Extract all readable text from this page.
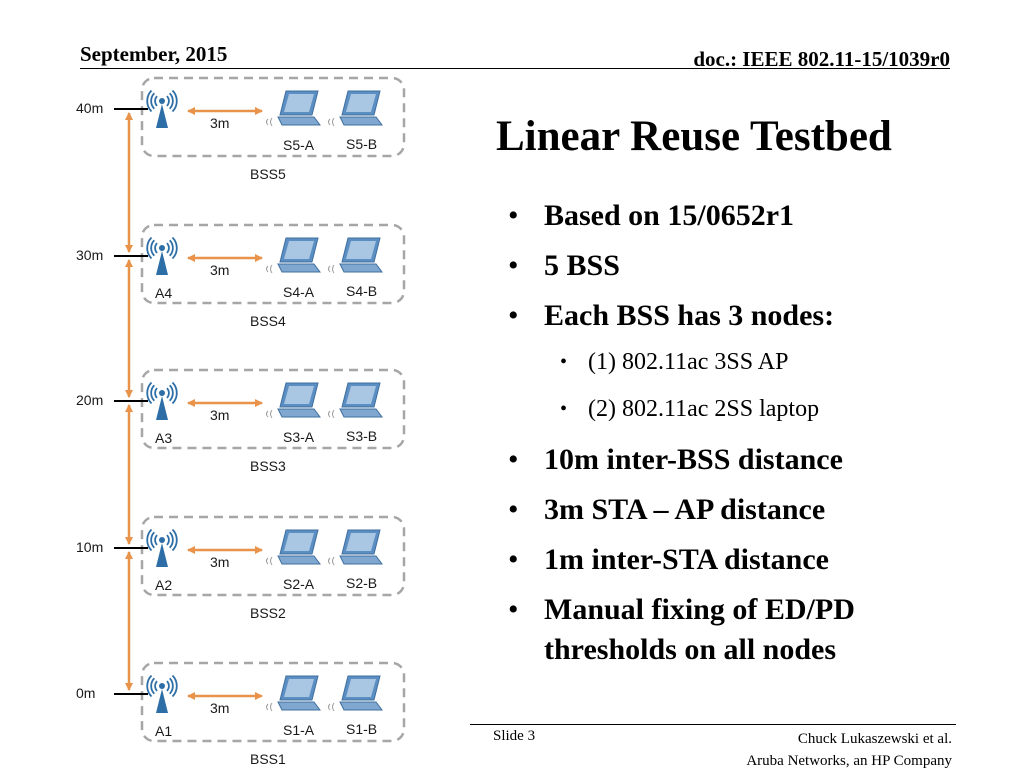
September, 2015	doc.: IEEE 802.11-15/1039r0
Linear Reuse Testbed
• Based on 15/0652r1
• 5 BSS
• Each BSS has 3 nodes:
• (1) 802.11ac 3SS AP
• (2) 802.11ac 2SS laptop
• 10m inter-BSS distance
• 3m STA – AP distance
• 1m inter-STA distance
• Manual fixing of ED/PD thresholds on all nodes
3m
S5-A S5-B
BSS5
3m
A4	S4-A S4-B
BSS4
3m
A3	S3-A S3-B
BSS3
3m
A2	S2-A S2-B
BSS2
3m
A1	S1-A S1-B
BSS1
40m
30m
20m
10m
0m
Slide 3	Chuck Lukaszewski et al.
Aruba Networks, an HP Company
